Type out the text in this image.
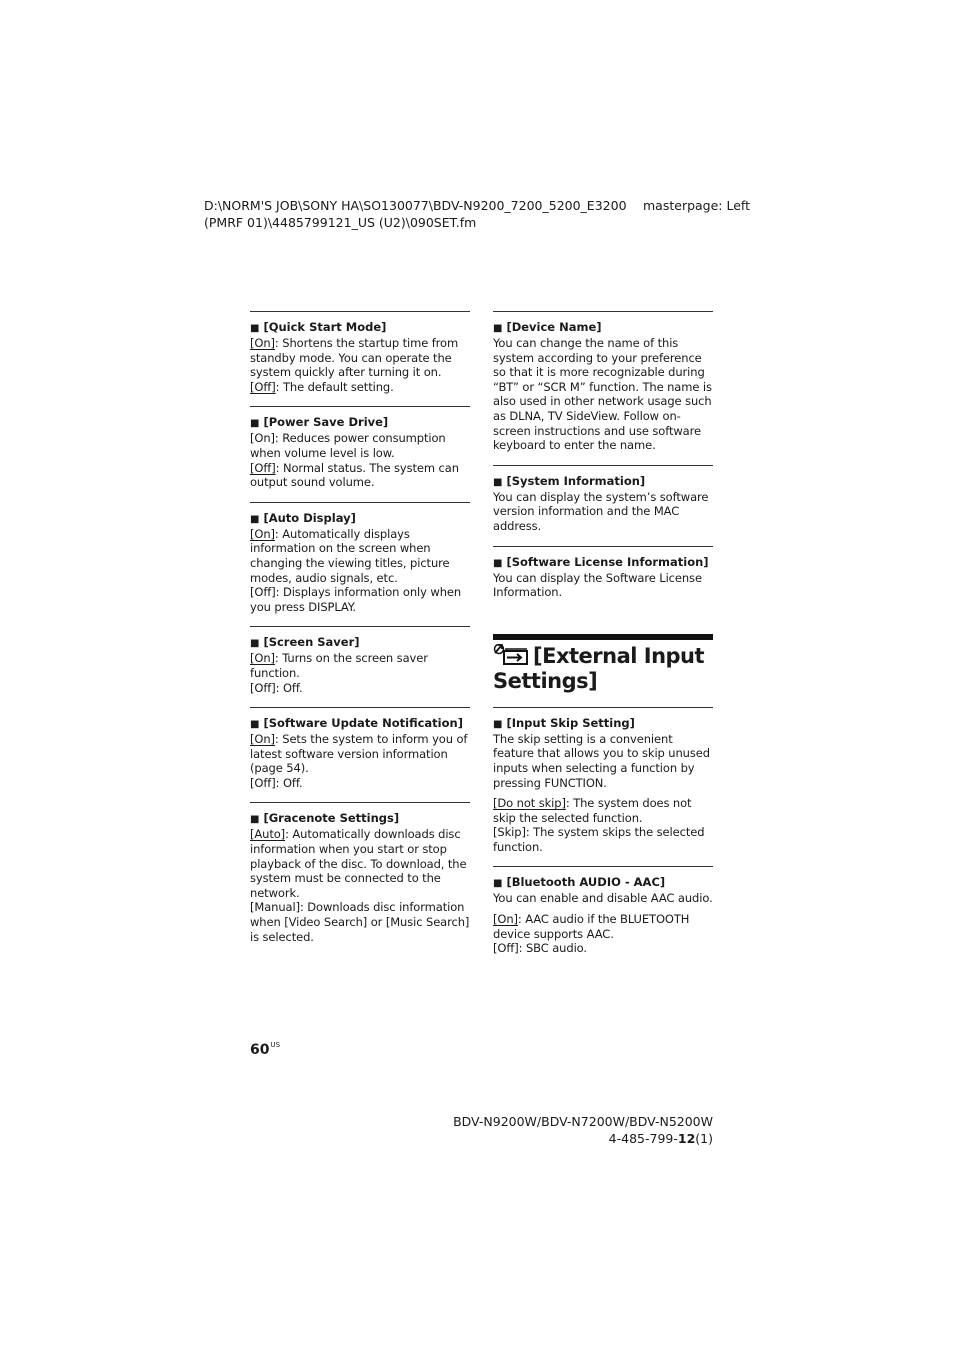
D:\NORM'S JOB\SONY HA\SO130077\BDV-N9200_7200_5200_E3200
(PMRF 01)\4485799121_US (U2)\090SET.fm
masterpage: Left
■ [Quick Start Mode]

[On]: Shortens the startup time from standby mode. You can operate the system quickly after turning it on.

[Off]: The default setting.

■ [Power Save Drive]

[On]: Reduces power consumption when volume level is low.

[Off]: Normal status. The system can output sound volume.

■ [Auto Display]

[On]: Automatically displays information on the screen when changing the viewing titles, picture modes, audio signals, etc.

[Off]: Displays information only when you press DISPLAY.

■ [Screen Saver]

[On]: Turns on the screen saver function.

[Off]: Off.

■ [Software Update Notification]

[On]: Sets the system to inform you of latest software version information (page 54).

[Off]: Off.

■ [Gracenote Settings]

[Auto]: Automatically downloads disc information when you start or stop playback of the disc. To download, the system must be connected to the network.

[Manual]: Downloads disc information when [Video Search] or [Music Search] is selected.

■ [Device Name]

You can change the name of this system according to your preference so that it is more recognizable during “BT” or “SCR M” function. The name is also used in other network usage such as DLNA, TV SideView. Follow on-screen instructions and use software keyboard to enter the name.

■ [System Information]

You can display the system’s software version information and the MAC address.

■ [Software License Information]

You can display the Software License Information.

[External Input Settings]
■ [Input Skip Setting]

The skip setting is a convenient feature that allows you to skip unused inputs when selecting a function by pressing FUNCTION.

[Do not skip]: The system does not skip the selected function.

[Skip]: The system skips the selected function.

■ [Bluetooth AUDIO - AAC]

You can enable and disable AAC audio.

[On]: AAC audio if the BLUETOOTH device supports AAC.

[Off]: SBC audio.

$60^{US}$
BDV-N9200W/BDV-N7200W/BDV-N5200W
4-485-799-12(1)
